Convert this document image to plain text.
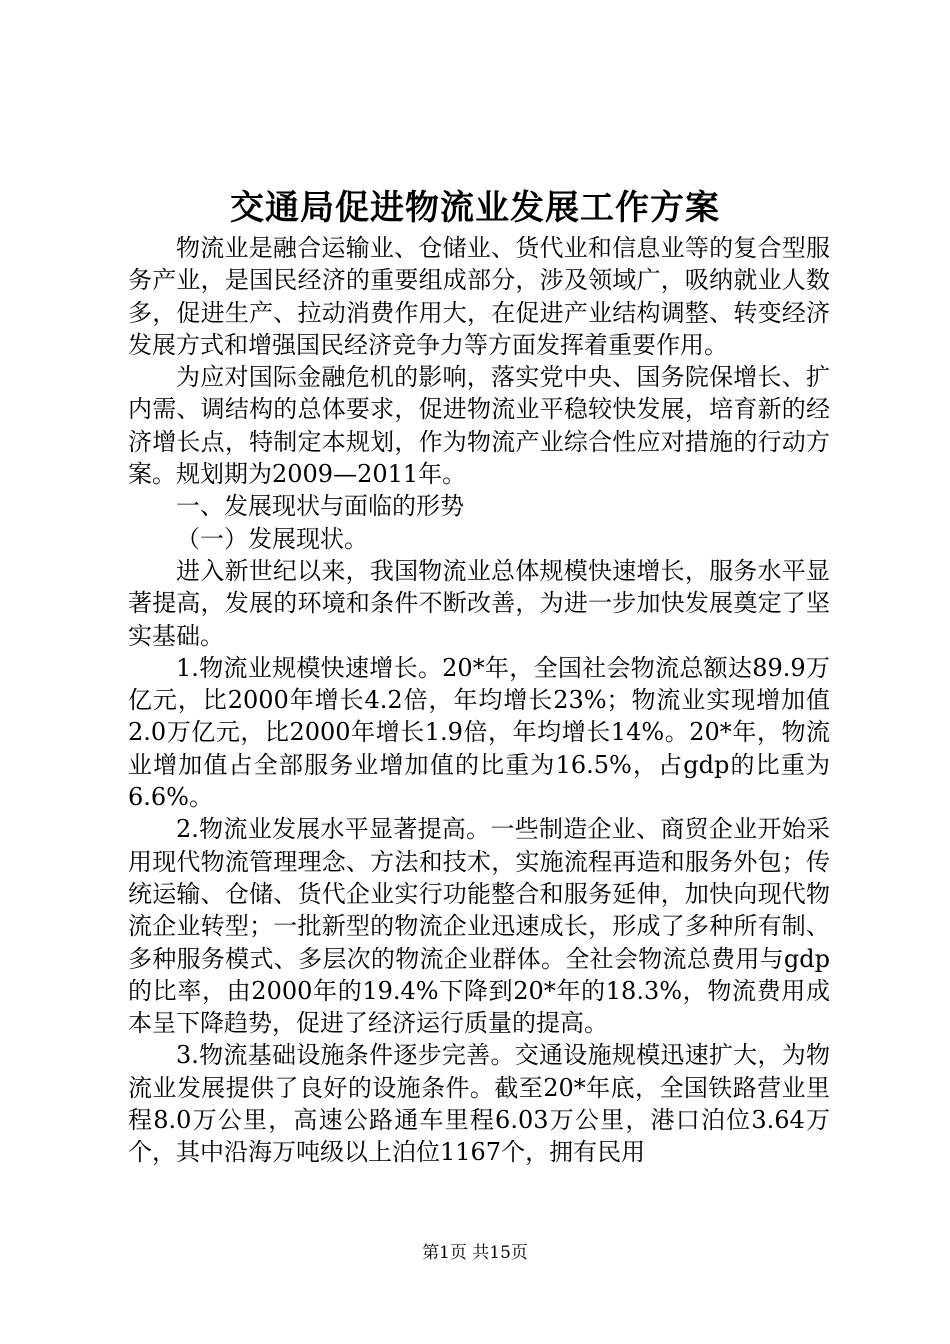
交通局促进物流业发展工作方案

物流业是融合运输业、仓储业、货代业和信息业等的复合型服务产业，是国民经济的重要组成部分，涉及领域广，吸纳就业人数多，促进生产、拉动消费作用大，在促进产业结构调整、转变经济发展方式和增强国民经济竞争力等方面发挥着重要作用。

为应对国际金融危机的影响，落实党中央、国务院保增长、扩内需、调结构的总体要求，促进物流业平稳较快发展，培育新的经济增长点，特制定本规划，作为物流产业综合性应对措施的行动方案。规划期为2009—2011年。

一、发展现状与面临的形势

（一）发展现状。

进入新世纪以来，我国物流业总体规模快速增长，服务水平显著提高，发展的环境和条件不断改善，为进一步加快发展奠定了坚实基础。

1.物流业规模快速增长。20*年，全国社会物流总额达89.9万亿元，比2000年增长4.2倍，年均增长23%；物流业实现增加值2.0万亿元，比2000年增长1.9倍，年均增长14%。20*年，物流业增加值占全部服务业增加值的比重为16.5%，占gdp的比重为6.6%。

2.物流业发展水平显著提高。一些制造企业、商贸企业开始采用现代物流管理理念、方法和技术，实施流程再造和服务外包；传统运输、仓储、货代企业实行功能整合和服务延伸，加快向现代物流企业转型；一批新型的物流企业迅速成长，形成了多种所有制、多种服务模式、多层次的物流企业群体。全社会物流总费用与gdp的比率，由2000年的19.4%下降到20*年的18.3%，物流费用成本呈下降趋势，促进了经济运行质量的提高。

3.物流基础设施条件逐步完善。交通设施规模迅速扩大，为物流业发展提供了良好的设施条件。截至20*年底，全国铁路营业里程8.0万公里，高速公路通车里程6.03万公里，港口泊位3.64万个，其中沿海万吨级以上泊位1167个，拥有民用

第1页 共15页
